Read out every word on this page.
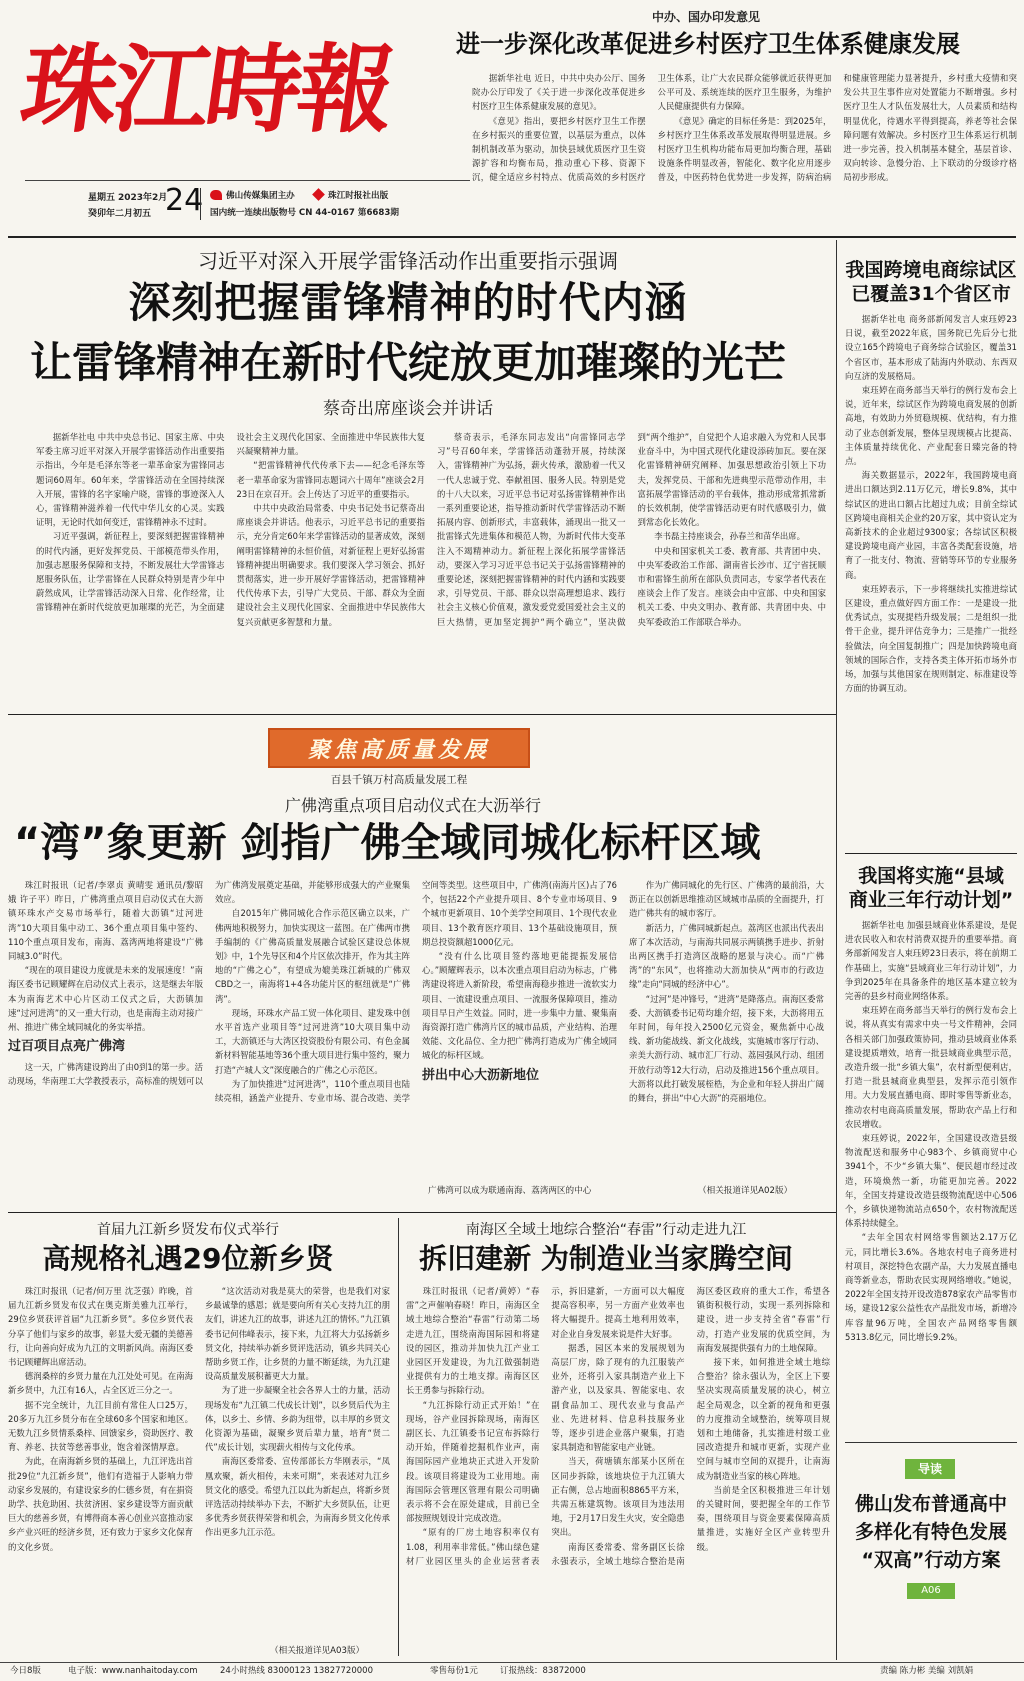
珠江時報
星期五 2023年2月
癸卯年二月初五 24	佛山传媒集团主办	珠江时报社出版
国内统一连续出版物号 CN 44-0167 第6683期
中办、国办印发意见
进一步深化改革促进乡村医疗卫生体系健康发展

据新华社电 近日，中共中央办公厅、国务院办公厅印发了《关于进一步深化改革促进乡村医疗卫生体系健康发展的意见》。

《意见》指出，要把乡村医疗卫生工作摆在乡村振兴的重要位置，以基层为重点，以体制机制改革为驱动，加快县域优质医疗卫生资源扩容和均衡布局，推动重心下移、资源下沉，健全适应乡村特点、优质高效的乡村医疗卫生体系，让广大农民群众能够就近获得更加公平可及、系统连续的医疗卫生服务，为维护人民健康提供有力保障。

《意见》确定的目标任务是：到2025年，乡村医疗卫生体系改革发展取得明显进展。乡村医疗卫生机构功能布局更加均衡合理，基础设施条件明显改善，智能化、数字化应用逐步普及，中医药特色优势进一步发挥，防病治病和健康管理能力显著提升，乡村重大疫情和突发公共卫生事件应对处置能力不断增强。乡村医疗卫生人才队伍发展壮大，人员素质和结构明显优化，待遇水平得到提高，养老等社会保障问题有效解决。乡村医疗卫生体系运行机制进一步完善，投入机制基本健全，基层首诊、双向转诊、急慢分治、上下联动的分级诊疗格局初步形成。

习近平对深入开展学雷锋活动作出重要指示强调
深刻把握雷锋精神的时代内涵
让雷锋精神在新时代绽放更加璀璨的光芒
蔡奇出席座谈会并讲话

据新华社电 中共中央总书记、国家主席、中央军委主席习近平对深入开展学雷锋活动作出重要指示指出，今年是毛泽东等老一辈革命家为雷锋同志题词60周年。60年来，学雷锋活动在全国持续深入开展，雷锋的名字家喻户晓，雷锋的事迹深入人心，雷锋精神滋养着一代代中华儿女的心灵。实践证明，无论时代如何变迁，雷锋精神永不过时。

习近平强调，新征程上，要深刻把握雷锋精神的时代内涵，更好发挥党员、干部模范带头作用，加强志愿服务保障和支持，不断发展壮大学雷锋志愿服务队伍，让学雷锋在人民群众特别是青少年中蔚然成风，让学雷锋活动深入日常、化作经常，让雷锋精神在新时代绽放更加璀璨的光芒，为全面建设社会主义现代化国家、全面推进中华民族伟大复兴凝聚精神力量。

“把雷锋精神代代传承下去——纪念毛泽东等老一辈革命家为雷锋同志题词六十周年”座谈会2月23日在京召开。会上传达了习近平的重要指示。

中共中央政治局常委、中央书记处书记蔡奇出席座谈会并讲话。他表示，习近平总书记的重要指示，充分肯定60年来学雷锋活动的显著成效，深刻阐明雷锋精神的永恒价值，对新征程上更好弘扬雷锋精神提出明确要求。我们要深入学习领会、抓好贯彻落实，进一步开展好学雷锋活动，把雷锋精神代代传承下去，引导广大党员、干部、群众为全面建设社会主义现代化国家、全面推进中华民族伟大复兴贡献更多智慧和力量。

蔡奇表示，毛泽东同志发出“向雷锋同志学习”号召60年来，学雷锋活动蓬勃开展，持续深入，雷锋精神广为弘扬，薪火传承，激励着一代又一代人忠诚于党、奉献祖国、服务人民。特别是党的十八大以来，习近平总书记对弘扬雷锋精神作出一系列重要论述，指导推动新时代学雷锋活动不断拓展内容、创新形式，丰富载体，涌现出一批又一批雷锋式先进集体和模范人物，为新时代伟大变革注入不竭精神动力。新征程上深化拓展学雷锋活动，要深入学习习近平总书记关于弘扬雷锋精神的重要论述，深刻把握雷锋精神的时代内涵和实践要求，引导党员、干部、群众以崇高理想追求、践行社会主义核心价值观，激发爱党爱国爱社会主义的巨大热情，更加坚定拥护“两个确立”，坚决做到“两个维护”，自觉把个人追求融入为党和人民事业奋斗中，为中国式现代化建设添砖加瓦。要在深化雷锋精神研究阐释、加强思想政治引领上下功夫，发挥党员、干部和先进典型示范带动作用，丰富拓展学雷锋活动的平台载体，推动形成常抓常新的长效机制，使学雷锋活动更有时代感吸引力，做到常态化长效化。

李书磊主持座谈会，孙春兰和苗华出席。

中央和国家机关工委、教育部、共青团中央、中央军委政治工作部、湖南省长沙市、辽宁省抚顺市和雷锋生前所在部队负责同志，专家学者代表在座谈会上作了发言。座谈会由中宣部、中央和国家机关工委、中央文明办、教育部、共青团中央、中央军委政治工作部联合举办。

我国跨境电商综试区
已覆盖31个省区市

据新华社电 商务部新闻发言人束珏婷23日说，截至2022年底，国务院已先后分七批设立165个跨境电子商务综合试验区，覆盖31个省区市，基本形成了陆海内外联动、东西双向互济的发展格局。

束珏婷在商务部当天举行的例行发布会上说，近年来，综试区作为跨境电商发展的创新高地，有效助力外贸稳规模、优结构，有力推动了业态创新发展，整体呈现规模占比提高、主体质量持续优化、产业配套日臻完备的特点。

海关数据显示，2022年，我国跨境电商进出口额达到2.11万亿元，增长9.8%，其中综试区的进出口额占比超过九成；目前全综试区跨境电商相关企业约20万家，其中资认定为高新技术的企业超过9300家；各综试区积极建设跨境电商产业园，丰富各类配套设施，培育了一批支付、物流、营销等环节的专业服务商。

束珏婷表示，下一步将继续扎实推进综试区建设，重点做好四方面工作：一是建设一批优秀试点，实现提档升级发展；二是组织一批骨干企业，提升评估竞争力；三是推广一批经验做法，向全国复制推广；四是加快跨境电商领域的国际合作，支持各类主体开拓市场外市场，加强与其他国家在规则制定、标准建设等方面的协调互动。

聚焦高质量发展
百县千镇万村高质量发展工程
广佛湾重点项目启动仪式在大沥举行
“湾”象更新 剑指广佛全域同城化标杆区域

珠江时报讯（记者/李翠贞 黄晴雯 通讯员/黎昭娥 许子平）昨日，广佛湾重点项目启动仪式在大沥镇环珠水产交易市场举行，随着大沥镇“过河进湾”10大项目集中动工、36个重点项目集中签约、110个重点项目发布，南海、荔湾两地将建设“广佛同城3.0”时代。

“现在的项目建设力度就是未来的发展速度！”南海区委书记顾耀辉在启动仪式上表示，这是继去年版本为南海艺术中心片区动工仪式之后，大沥镇加速“过河进湾”的又一重大行动，也是南海主动对接广州、推进广佛全域同城化的务实举措。

过百项目点亮广佛湾

这一天，广佛湾建设跨出了由0到1的第一步。活动现场，华南理工大学教授表示，高标准的规划可以为广佛湾发展奠定基础，并能够形成强大的产业聚集效应。

自2015年广佛同城化合作示范区确立以来，广佛两地积极努力，加快实现这一蓝图。在广佛两市携手编制的《广佛高质量发展融合试验区建设总体规划》中，1个先导区和4个片区依次排开，作为其主阵地的“广佛之心”，有望成为媲美珠江新城的广佛双CBD之一，南海将1+4各功能片区的枢纽就是“广佛湾”。

现场，环珠水产品工贸一体化项目、建发珠中创水平首选产业项目等“过河进湾”10大项目集中动工，大沥镇还与大湾区投资股份有限公司、有色金属新材料智能基地等36个重大项目进行集中签约，聚力打造“产城人文”深度融合的广佛之心示范区。

为了加快推进“过河进湾”，110个重点项目也陆续亮相，涵盖产业提升、专业市场、混合改造、美学空间等类型。这些项目中，广佛湾(南海片区)占了76个，包括22个产业提升项目、8个专业市场项目、9个城市更新项目、10个美学空间项目、1个现代农业项目、13个教育医疗项目、13个基础设施项目，预期总投资额超1000亿元。

“没有什么比项目签约落地更能提振发展信心。”顾耀辉表示，以本次重点项目启动为标志，广佛湾建设将进入新阶段，希望南海稳步推进一流软实力项目、一流建设重点项目、一流服务保障项目，推动项目早日产生效益。同时，进一步集中力量、聚集南海资源打造广佛湾片区的城市品质，产业结构、治理效能、文化品位、全力把广佛湾打造成为广佛全域同城化的标杆区域。

拼出中心大沥新地位

作为广佛同城化的先行区、广佛湾的最前沿，大沥正在以创新思维推动区域城市品质的全面提升，打造广佛共有的城市客厅。

新活力，广佛同城新起点。荔湾区也派出代表出席了本次活动，与南海共同展示两镇携手进步、折射出两区携手打造湾区战略的愿景与决心。而“广佛湾”的“东风”，也将推动大沥加快从“两市的行政边缘”走向“同城的经济中心”。

“过河”是冲锋号，“进湾”是降落点。南海区委常委、大沥镇委书记苟均雄介绍，接下来，大沥将用五年时间，每年投入2500亿元资金，聚焦新中心战线、新功能战线、新文化战线，实施城市客厅行动、亲美大沥行动、城市汇厂行动、荔园强风行动、组团开放行动等12大行动，启动及推进156个重点项目。大沥将以此打破发展桎梏，为企业和年轻人拼出广阔的舞台，拼出“中心大沥”的亮丽地位。

广佛湾可以成为联通南海、荔湾两区的中心	（相关报道详见A02版）
我国将实施“县域
商业三年行动计划”

据新华社电 加强县域商业体系建设，是促进农民收入和农村消费双提升的重要举措。商务部新闻发言人束珏婷23日表示，将在前期工作基础上，实施“县域商业三年行动计划”，力争到2025年在具备条件的地区基本建立较为完善的县乡村商业网络体系。

束珏婷在商务部当天举行的例行发布会上说，将从真实有需求中央一号文件精神，会同各相关部门加强政策协同，推动县域商业体系建设提质增效，培育一批县域商业典型示范，改造升级一批“乡镇大集”，农村新型便利店，打造一批县城商业典型县，发挥示范引领作用。大力发展直播电商、即时零售等新业态，推动农村电商高质量发展，帮助农产品上行和农民增收。

束珏婷说，2022年，全国建设改造县级物流配送和服务中心983个、乡镇商贸中心3941个，不少“乡镇大集”、便民超市经过改造，环境焕然一新，功能更加完善。2022年，全国支持建设改造县级物流配送中心506个，乡镇快递物流站点650个，农村物流配送体系持续健全。

“去年全国农村网络零售额达2.17万亿元，同比增长3.6%。各地农村电子商务进村村项目，深挖特色农副产品，大力发展直播电商等新业态，帮助农民实现网络增收。”她说，2022年全国支持开设改造878家农产品零售市场，建设12家公益性农产品批发市场，新增冷库容量96万吨，全国农产品网络零售额5313.8亿元，同比增长9.2%。

首届九江新乡贤发布仪式举行
高规格礼遇29位新乡贤

珠江时报讯（记者/何万里 沈芝强）昨晚，首届九江新乡贤发布仪式在奥克斯美雅九江举行，29位乡贤获评首届“九江新乡贤”。多位乡贤代表分享了他们与家乡的故事，彰显大爱无疆的美德善行，让向善向好成为九江的文明新风尚。南海区委书记顾耀辉出席活动。

德润桑梓的乡贤力量在九江处处可见。在南海新乡贤中，九江有16人，占全区近三分之一。

据不完全统计，九江目前有常住人口25万，20多万九江乡贤分布在全球60多个国家和地区。无数九江乡贤情系桑梓、回馈家乡，资助医疗、教育、养老、扶贫等慈善事业，饱含着深情厚意。

为此，在南海新乡贤的基础上，九江评选出首批29位“九江新乡贤”，他们有造福于人影响力带动家乡发展的，有建设家乡的仁德乡贤，有在捐资助学、扶危助困、扶贫济困、家乡建设等方面贡献巨大的慈善乡贤，有博得商本善心创业兴富推动家乡产业兴旺的经济乡贤，还有致力于家乡文化保育的文化乡贤。

“这次活动对我是莫大的荣誉，也是我们对家乡最诚挚的感恩；就是要向所有关心支持九江的朋友们，讲述九江的故事，讲述九江的情怀。”九江镇委书记何伟峰表示，接下来，九江将大力弘扬新乡贤文化，持续举办新乡贤评选活动，镇乡共同关心帮助乡贤工作，让乡贤的力量不断延续，为九江建设高质量发展积蓄更大力量。

为了进一步凝聚全社会各界人士的力量，活动现场发布“九江镇二代成长计划”，以乡贤后代为主体，以乡土、乡情、乡韵为纽带，以丰厚的乡贤文化资源为基础，凝聚乡贤后辈力量，培育“贤二代”成长计划，实现薪火相传与文化传承。

南海区委常委、宣传部部长方华刚表示，“凤凰欢聚，新火相传，未来可期”，来表述对九江乡贤文化的感受。希望九江以此为新起点，将新乡贤评选活动持续举办下去，不断扩大乡贤队伍，让更多优秀乡贤获得荣誉和机会，为南海乡贤文化传承作出更多九江示范。

（相关报道详见A03版）
南海区全域土地综合整治“春雷”行动走进九江
拆旧建新 为制造业当家腾空间

珠江时报讯（记者/黄婷）“春雷”之声催响春晓！昨日，南海区全域土地综合整治“春雷”行动第二场走进九江，围绕南海国际园和将建设的园区，推动并加快九江产业工业园区开发建设，为九江做强制造业提供有力的土地支撑。南海区区长王勇参与拆除行动。

“九江拆除行动正式开始！”在现场，谷产业园拆除现场，南海区副区长、九江镇委书记宣布拆除行动开始，伴随着挖掘机作业声，南海国际园产业地块正式进入开发阶段。该项目将建设为工业用地。南海国际会管理区管理有限公司明确表示将不会在原处建成，目前已全部按照规划设计完成改造。

“原有的厂房土地容积率仅有1.08，利用率非常低。”佛山绿色建材厂业园区里头的企业运营者表示，拆旧建新，一方面可以大幅度提高容积率，另一方面产业效率也将大幅提升。提高土地利用效率，对企业自身发展来说是件大好事。

据悉，园区本来的发展规划为高层厂房，除了现有的九江服装产业外，还将引入家具制造产业上下游产业，以及家具、智能家电、农副食品加工、现代农业与食品产业、先进材料、信息科技服务业等，逐步引进企业落户聚集，打造家具制造和智能家电产业链。

当天，荷塘镇东部某小区所在区同步拆除，该地块位于九江镇大正右侧，总占地面积8865平方米，共需五栋建筑物。该项目为违法用地，于2月17日发生火灾，安全隐患突出。

南海区委常委、常务副区长徐永强表示，全域土地综合整治是南海区委区政府的重大工作，希望各镇街积极行动，实现一系列拆除和建设，进一步支持全省“春雷”行动，打造产业发展的优质空间，为南海发展提供强有力的土地保障。

接下来，如何推进全域土地综合整治？徐永强认为，全区上下要坚决实现高质量发展的决心，树立起全局观念，以全新的视角和更强的力度推动全域整治，统筹项目规划和土地储备，扎实推进村级工业园改造提升和城市更新，实现产业空间与城市空间的双提升，让南海成为制造业当家的核心阵地。

当前是全区积极推进三年计划的关键时间，要把握全年的工作节奏，围绕项目与资金要素保障高质量推进，实施好全区产业转型升级。

导读
佛山发布普通高中
多样化有特色发展
“双高”行动方案
A06
今日8版	电子版：www.nanhaitoday.com	24小时热线 83000123 13827720000	零售每份1元	订报热线：83872000	责编 陈力彬 美编 刘凯娟
